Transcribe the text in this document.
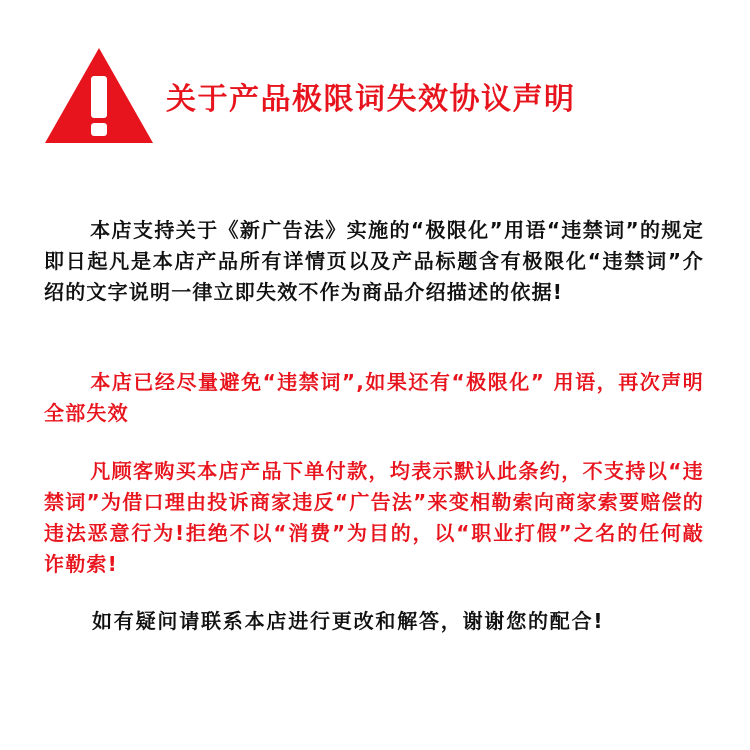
关于产品极限词失效协议声明

本店支持关于《新广告法》实施的“极限化”用语“违禁词”的规定即日起凡是本店产品所有详情页以及产品标题含有极限化“违禁词”介绍的文字说明一律立即失效不作为商品介绍描述的依据!

本店已经尽量避免“违禁词”,如果还有“极限化” 用语，再次声明全部失效

凡顾客购买本店产品下单付款，均表示默认此条约，不支持以“违禁词”为借口理由投诉商家违反“广告法”来变相勒索向商家索要赔偿的违法恶意行为!拒绝不以“消费”为目的，以“职业打假”之名的任何敲诈勒索!

如有疑问请联系本店进行更改和解答，谢谢您的配合!
